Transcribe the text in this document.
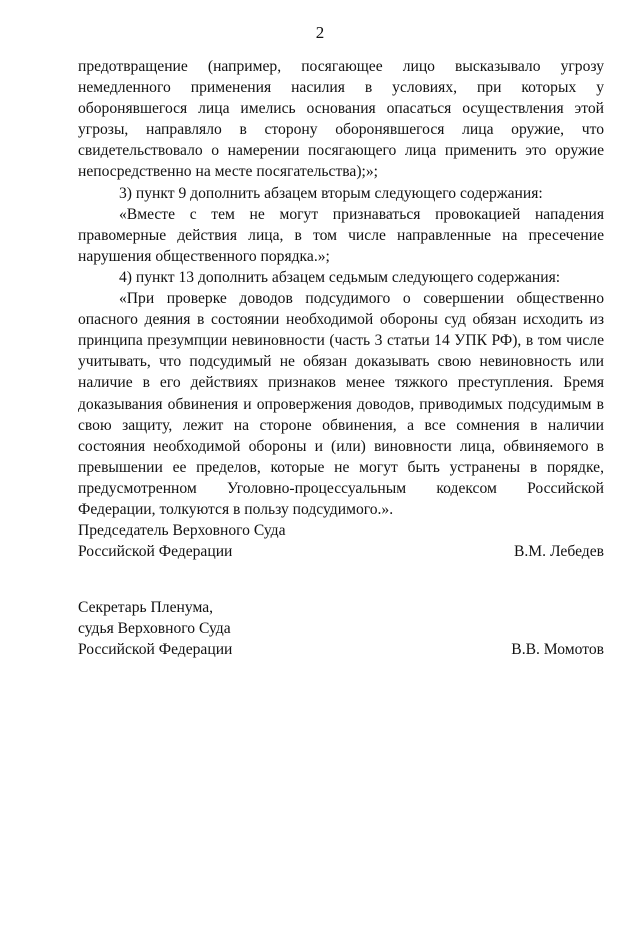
2

предотвращение (например, посягающее лицо высказывало угрозу немедленного применения насилия в условиях, при которых у оборонявшегося лица имелись основания опасаться осуществления этой угрозы, направляло в сторону оборонявшегося лица оружие, что свидетельствовало о намерении посягающего лица применить это оружие непосредственно на месте посягательства);»;

3) пункт 9 дополнить абзацем вторым следующего содержания:

«Вместе с тем не могут признаваться провокацией нападения правомерные действия лица, в том числе направленные на пресечение нарушения общественного порядка.»;

4) пункт 13 дополнить абзацем седьмым следующего содержания:

«При проверке доводов подсудимого о совершении общественно опасного деяния в состоянии необходимой обороны суд обязан исходить из принципа презумпции невиновности (часть 3 статьи 14 УПК РФ), в том числе учитывать, что подсудимый не обязан доказывать свою невиновность или наличие в его действиях признаков менее тяжкого преступления. Бремя доказывания обвинения и опровержения доводов, приводимых подсудимым в свою защиту, лежит на стороне обвинения, а все сомнения в наличии состояния необходимой обороны и (или) виновности лица, обвиняемого в превышении ее пределов, которые не могут быть устранены в порядке, предусмотренном Уголовно-процессуальным кодексом Российской Федерации, толкуются в пользу подсудимого.».

Председатель Верховного Суда
Российской Федерации	В.М. Лебедев
Секретарь Пленума,
судья Верховного Суда
Российской Федерации	В.В. Момотов
